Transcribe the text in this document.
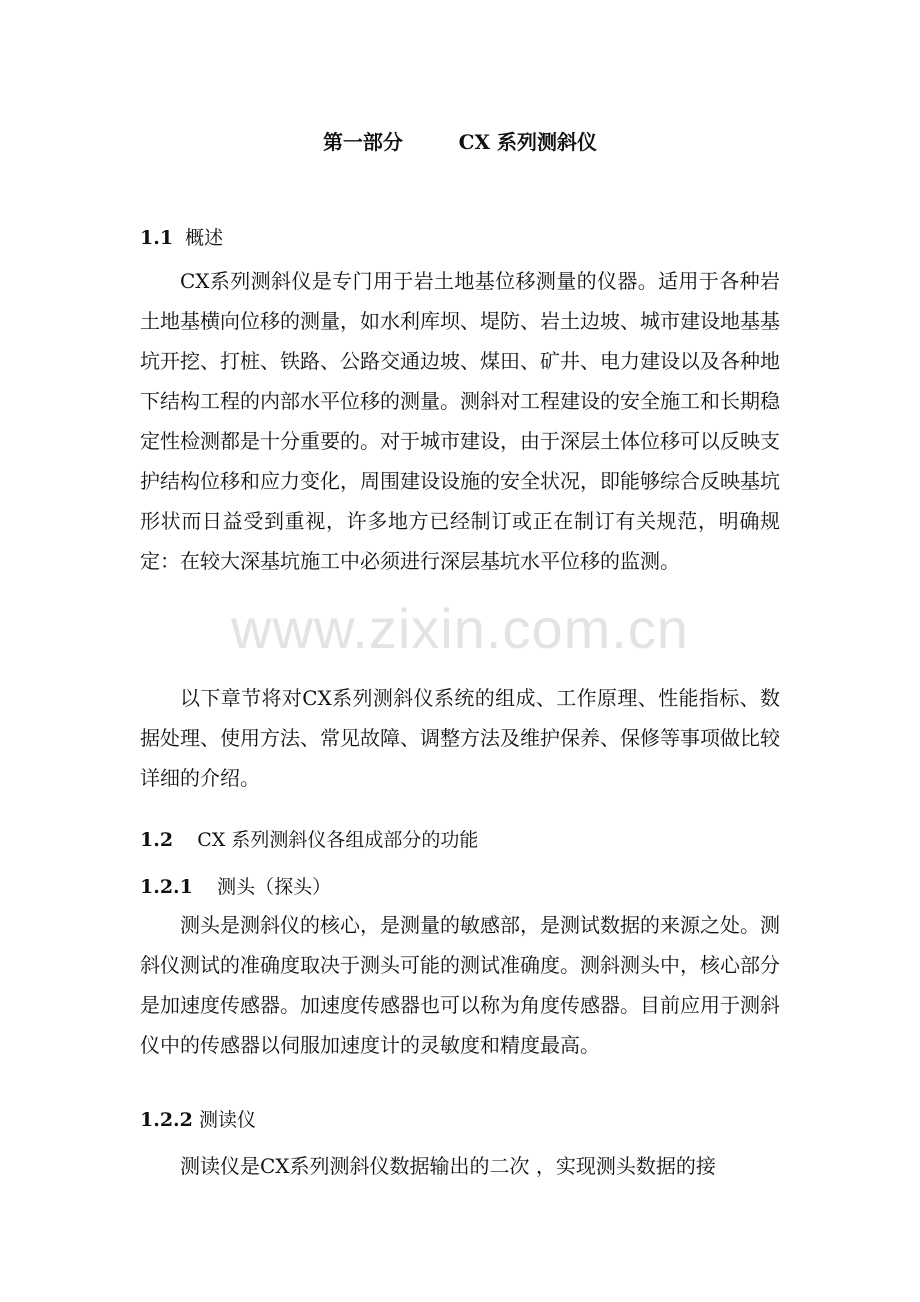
www.zixin.com.cn
第一部分        CX 系列测斜仪
1.1 概述

CX系列测斜仪是专门用于岩土地基位移测量的仪器。适用于各种岩土地基横向位移的测量，如水利库坝、堤防、岩土边坡、城市建设地基基坑开挖、打桩、铁路、公路交通边坡、煤田、矿井、电力建设以及各种地下结构工程的内部水平位移的测量。测斜对工程建设的安全施工和长期稳定性检测都是十分重要的。对于城市建设，由于深层土体位移可以反映支护结构位移和应力变化，周围建设设施的安全状况，即能够综合反映基坑形状而日益受到重视，许多地方已经制订或正在制订有关规范，明确规定：在较大深基坑施工中必须进行深层基坑水平位移的监测。

以下章节将对CX系列测斜仪系统的组成、工作原理、性能指标、数据处理、使用方法、常见故障、调整方法及维护保养、保修等事项做比较详细的介绍。

1.2 CX 系列测斜仪各组成部分的功能
1.2.1 测头（探头）

测头是测斜仪的核心，是测量的敏感部，是测试数据的来源之处。测斜仪测试的准确度取决于测头可能的测试准确度。测斜测头中，核心部分是加速度传感器。加速度传感器也可以称为角度传感器。目前应用于测斜仪中的传感器以伺服加速度计的灵敏度和精度最高。

1.2.2 测读仪

测读仪是CX系列测斜仪数据输出的二次 ，实现测头数据的接
